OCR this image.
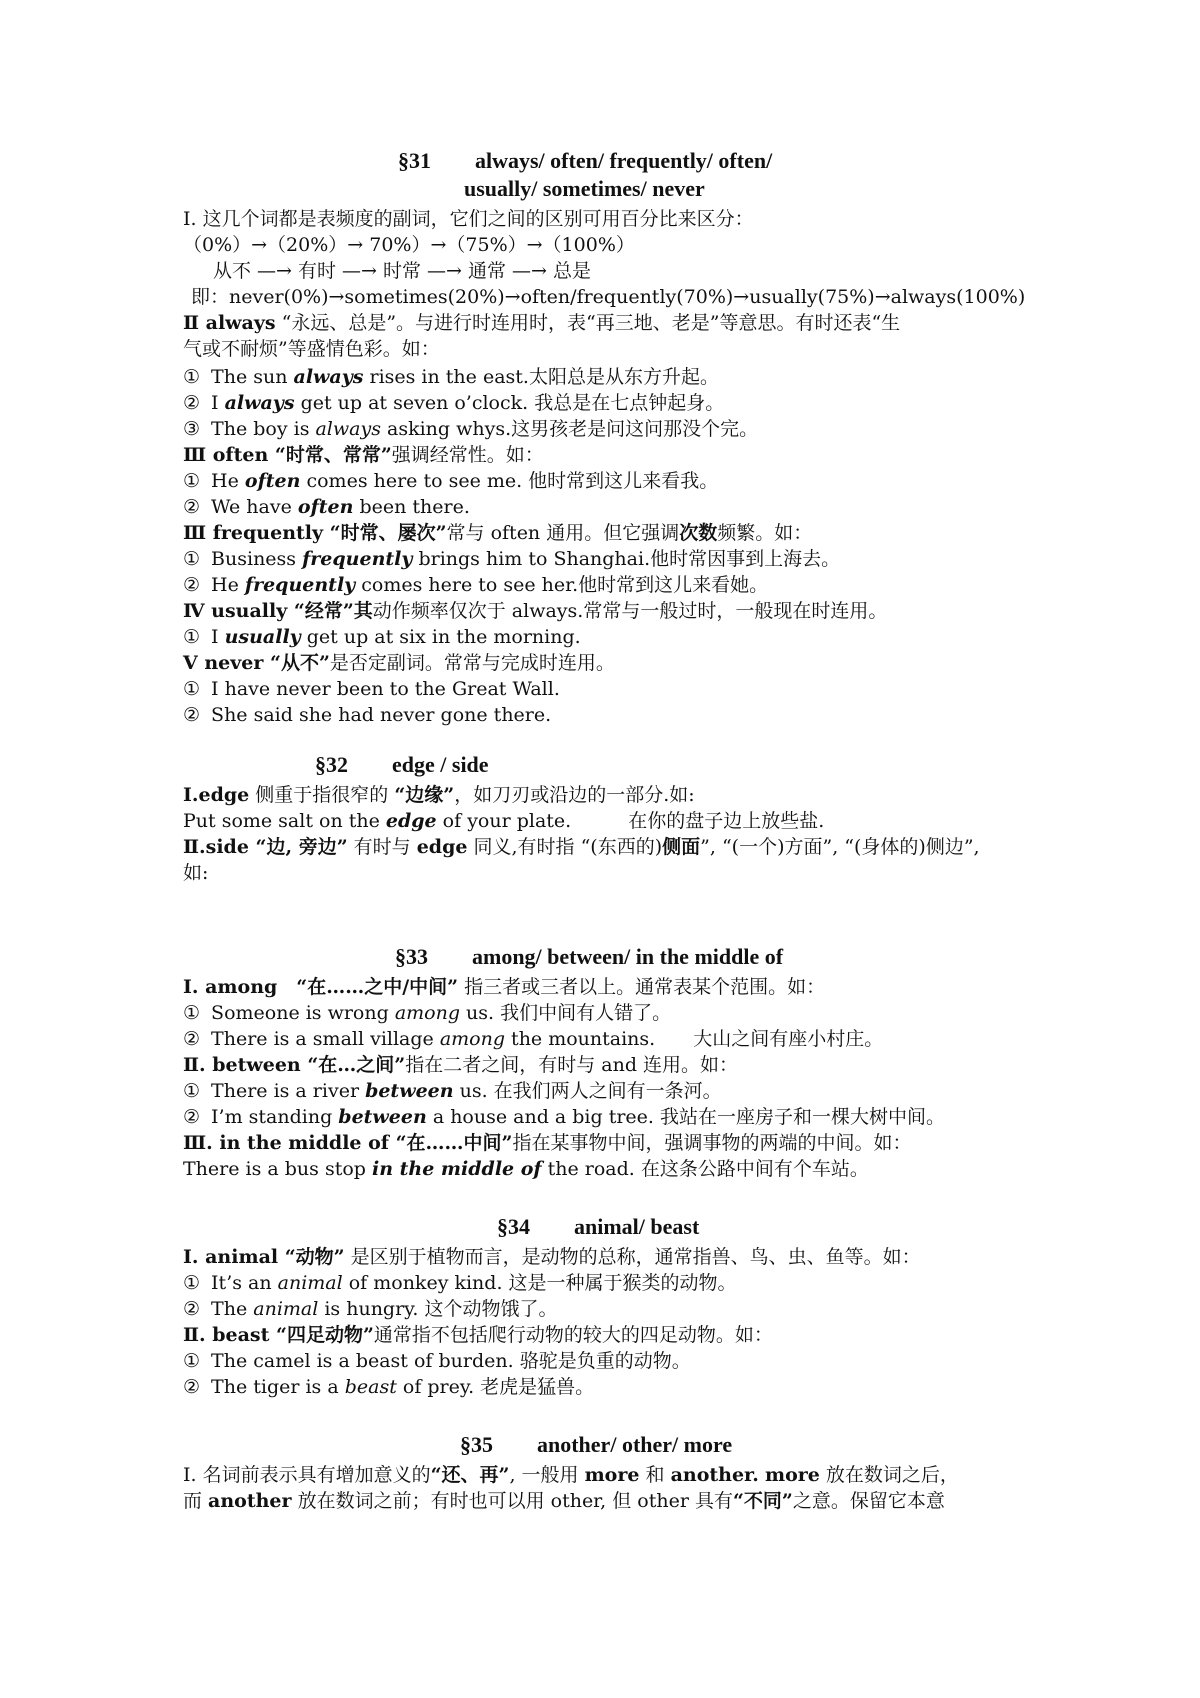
§31　　always/ often/ frequently/ often/
usually/ sometimes/ never
Ⅰ. 这几个词都是表频度的副词，它们之间的区别可用百分比来区分：
（0%）→（20%）→ 70%）→（75%）→（100%）
从不 —→ 有时 —→ 时常 —→ 通常 —→ 总是
即：never(0%)→sometimes(20%)→often/frequently(70%)→usually(75%)→always(100%)
Ⅱ always “永远、总是”。与进行时连用时，表“再三地、老是”等意思。有时还表“生
气或不耐烦”等盛情色彩。如：
① The sun always rises in the east.太阳总是从东方升起。
② I always get up at seven o’clock. 我总是在七点钟起身。
③ The boy is always asking whys.这男孩老是问这问那没个完。
Ⅲ often “时常、常常”强调经常性。如：
① He often comes here to see me. 他时常到这儿来看我。
② We have often been there.
Ⅲ frequently “时常、屡次”常与 often 通用。但它强调次数频繁。如：
① Business frequently brings him to Shanghai.他时常因事到上海去。
② He frequently comes here to see her.他时常到这儿来看她。
Ⅳ usually “经常”其动作频率仅次于 always.常常与一般过时，一般现在时连用。
① I usually get up at six in the morning.
Ⅴ never “从不”是否定副词。常常与完成时连用。
① I have never been to the Great Wall.
② She said she had never gone there.
§32　　edge / side
Ⅰ.edge 侧重于指很窄的 “边缘”，如刀刃或沿边的一部分.如:
Put some salt on the edge of your plate.　　　在你的盘子边上放些盐.
Ⅱ.side “边, 旁边” 有时与 edge 同义,有时指 “(东西的)侧面”, “(一个)方面”, “(身体的)侧边”,
如:
§33　　among/ between/ in the middle of
Ⅰ. among　“在……之中/中间” 指三者或三者以上。通常表某个范围。如：
① Someone is wrong among us. 我们中间有人错了。
② There is a small village among the mountains.　　大山之间有座小村庄。
Ⅱ. between “在…之间”指在二者之间，有时与 and 连用。如：
① There is a river between us. 在我们两人之间有一条河。
② I’m standing between a house and a big tree. 我站在一座房子和一棵大树中间。
Ⅲ. in the middle of “在……中间”指在某事物中间，强调事物的两端的中间。如：
There is a bus stop in the middle of the road. 在这条公路中间有个车站。
§34　　animal/ beast
Ⅰ. animal “动物” 是区别于植物而言，是动物的总称，通常指兽、鸟、虫、鱼等。如：
① It’s an animal of monkey kind. 这是一种属于猴类的动物。
② The animal is hungry. 这个动物饿了。
Ⅱ. beast “四足动物”通常指不包括爬行动物的较大的四足动物。如：
① The camel is a beast of burden. 骆驼是负重的动物。
② The tiger is a beast of prey. 老虎是猛兽。
§35　　another/ other/ more
Ⅰ. 名词前表示具有增加意义的“还、再”, 一般用 more 和 another. more 放在数词之后，
而 another 放在数词之前；有时也可以用 other, 但 other 具有“不同”之意。保留它本意
